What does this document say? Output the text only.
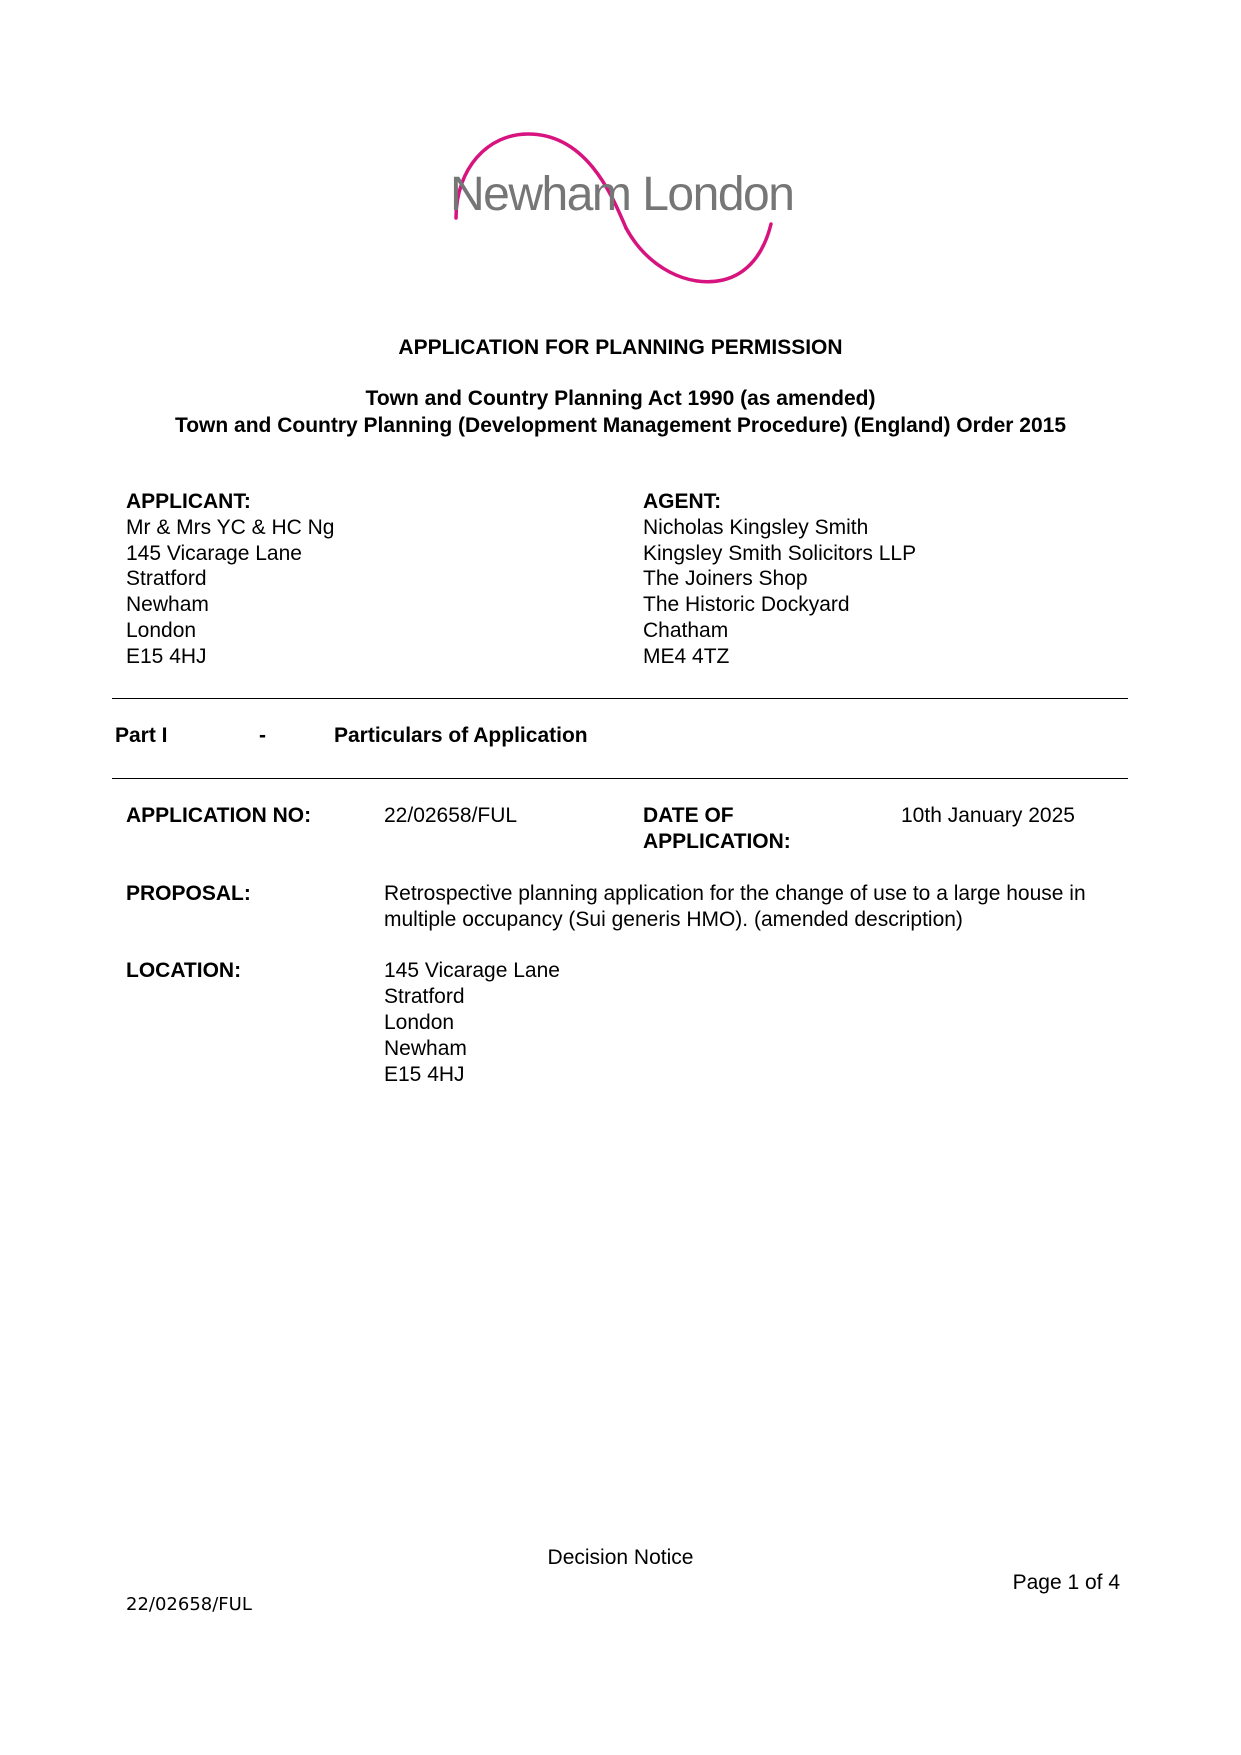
Newham London
APPLICATION FOR PLANNING PERMISSION
Town and Country Planning Act 1990 (as amended)
Town and Country Planning (Development Management Procedure) (England) Order 2015
APPLICANT:
Mr & Mrs YC & HC Ng
145 Vicarage Lane
Stratford
Newham
London
E15 4HJ
AGENT:
Nicholas Kingsley Smith
Kingsley Smith Solicitors LLP
The Joiners Shop
The Historic Dockyard
Chatham
ME4 4TZ
Part I	-	Particulars of Application
APPLICATION NO:	22/02658/FUL	DATE OF
APPLICATION:
10th January 2025
PROPOSAL:	Retrospective planning application for the change of use to a large house in
multiple occupancy (Sui generis HMO). (amended description)
LOCATION:	145 Vicarage Lane
Stratford
London
Newham
E15 4HJ
Decision Notice
Page 1 of 4
22/02658/FUL
